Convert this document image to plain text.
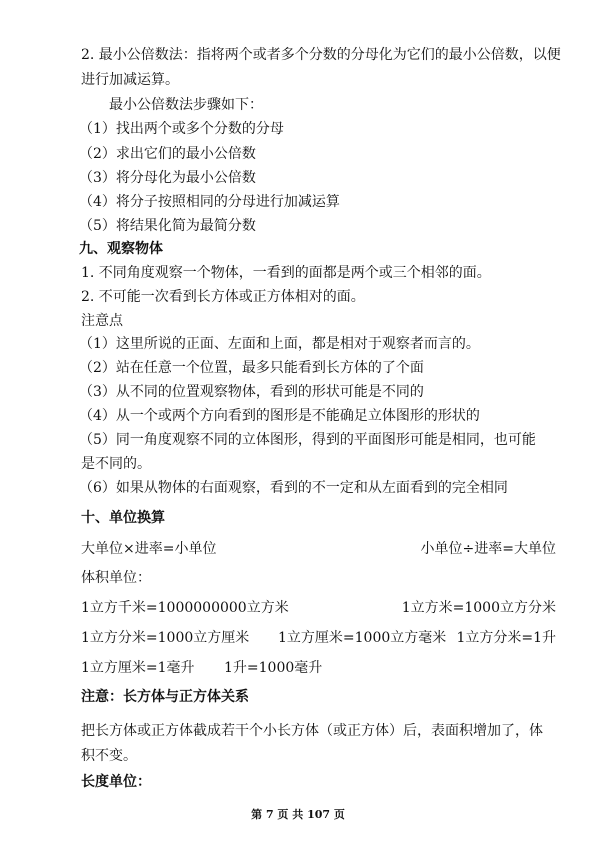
2. 最小公倍数法：指将两个或者多个分数的分母化为它们的最小公倍数，以便
进行加减运算。
最小公倍数法步骤如下：
（1）找出两个或多个分数的分母
（2）求出它们的最小公倍数
（3）将分母化为最小公倍数
（4）将分子按照相同的分母进行加减运算
（5）将结果化简为最简分数
九、观察物体
1. 不同角度观察一个物体，一看到的面都是两个或三个相邻的面。
2. 不可能一次看到长方体或正方体相对的面。
注意点
（1）这里所说的正面、左面和上面，都是相对于观察者而言的。
（2）站在任意一个位置，最多只能看到长方体的了个面
（3）从不同的位置观察物体，看到的形状可能是不同的
（4）从一个或两个方向看到的图形是不能确足立体图形的形状的
（5）同一角度观察不同的立体图形，得到的平面图形可能是相同，也可能
是不同的。
（6）如果从物体的右面观察，看到的不一定和从左面看到的完全相同
十、单位换算
大单位×进率=小单位	小单位÷进率=大单位
体积单位：
1立方千米=1000000000立方米	1立方米=1000立方分米
1立方分米=1000立方厘米 1立方厘米=1000立方毫米 1立方分米=1升
1立方厘米=1毫升 1升=1000毫升
注意：长方体与正方体关系
把长方体或正方体截成若干个小长方体（或正方体）后，表面积增加了，体
积不变。
长度单位：
第 7 页 共 107 页
